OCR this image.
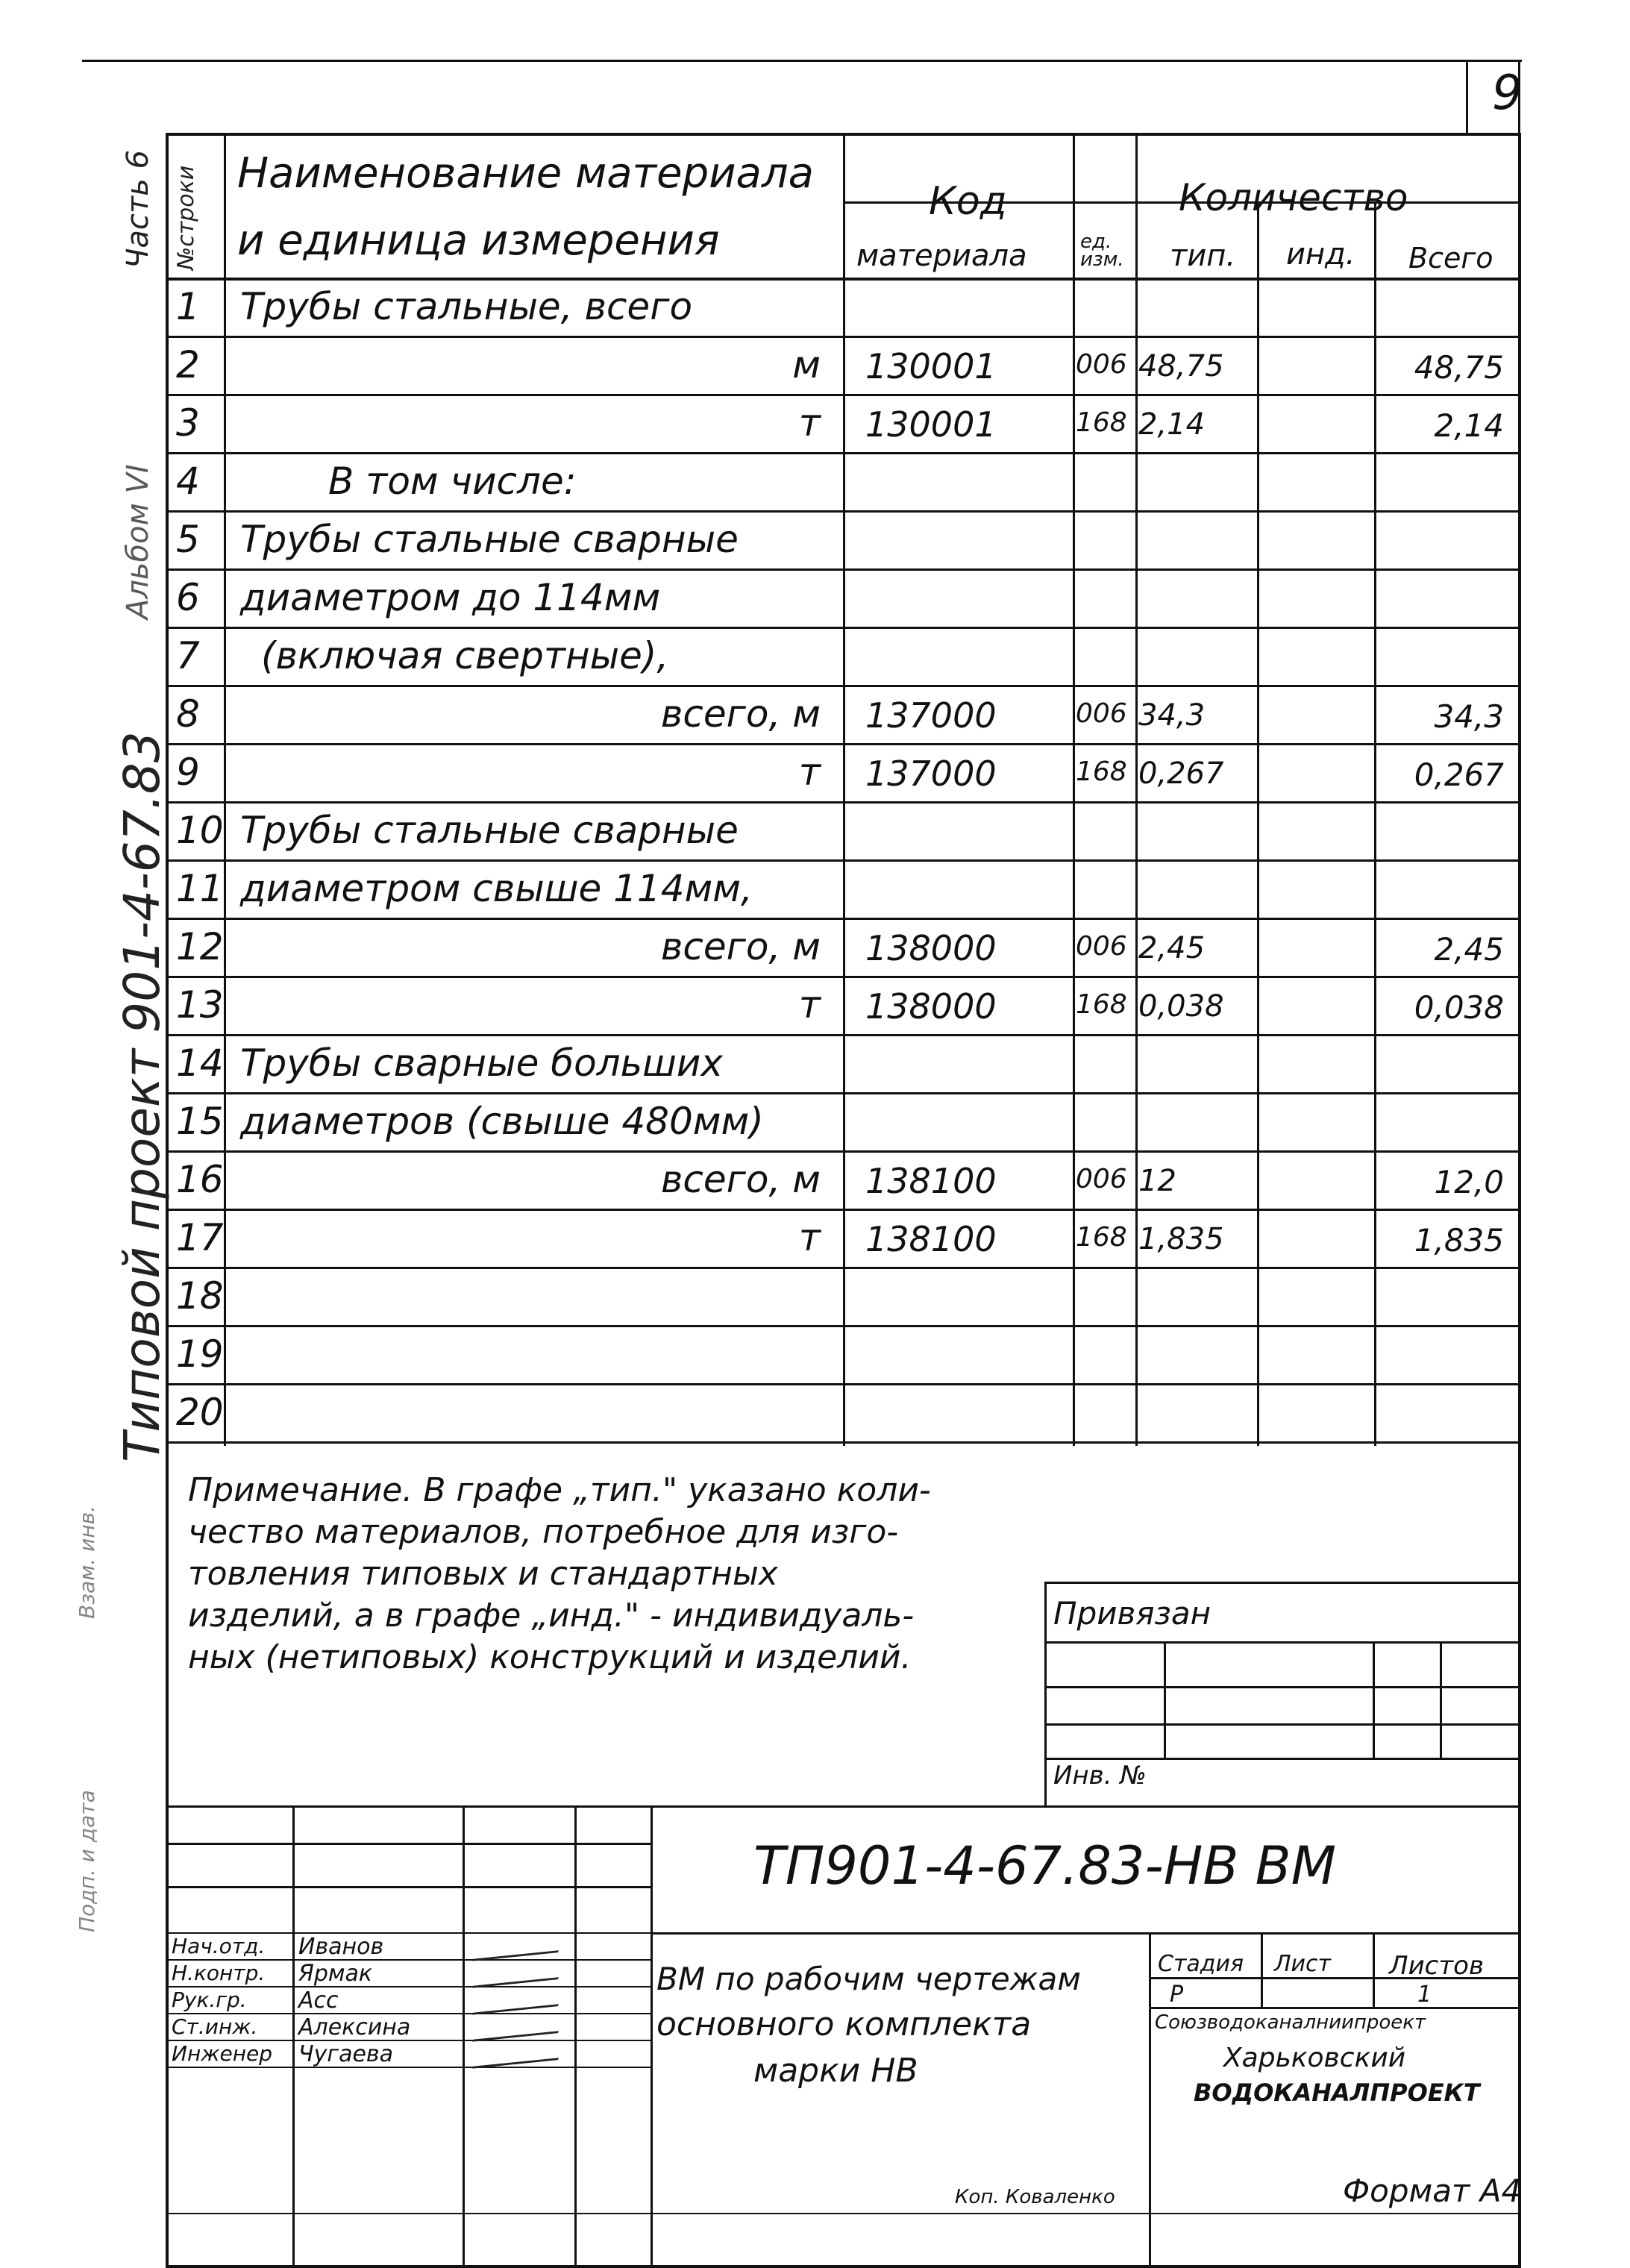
9
Часть 6
Альбом VI
Типовой проект 901-4-67.83
Подп. и дата
Взам. инв.
№строки Наименование материала
и единица измерения
Код
материала	ед. изм.
Количество
тип. инд. Всего
1 Трубы стальные, всего
2	м 130001	006 48,75	48,75
3	т 130001	168 2,14	2,14
4	В том числе:
5 Трубы стальные сварные
6 диаметром до 114мм
7 (включая свертные),
8	всего, м 137000	006 34,3	34,3
9	т 137000	168 0,267	0,267
10 Трубы стальные сварные
11 диаметром свыше 114мм,
12	всего, м 138000	006 2,45	2,45
13	т 138000	168 0,038	0,038
14 Трубы сварные больших
15 диаметров (свыше 480мм)
16	всего, м 138100	006 12	12,0
17	т 138100	168 1,835	1,835
18
19
20
Примечание. В графе „тип." указано коли-
чество материалов, потребное для изго-
товления типовых и стандартных
изделий, а в графе „инд." - индивидуаль-
ных (нетиповых) конструкций и изделий.
Привязан
Инв. №
ТП901-4-67.83-НВ ВМ
ВМ по рабочим чертежам
основного комплекта
марки НВ
Стадия Лист Листов
Р	1
Союзводоканалниипроект
Харьковский
ВОДОКАНАЛПРОЕКТ
Нач.отд. Иванов
Н.контр. Ярмак
Рук.гр. Асс
Ст.инж. Алексина
Инженер Чугаева
Коп. Коваленко	Формат А4
